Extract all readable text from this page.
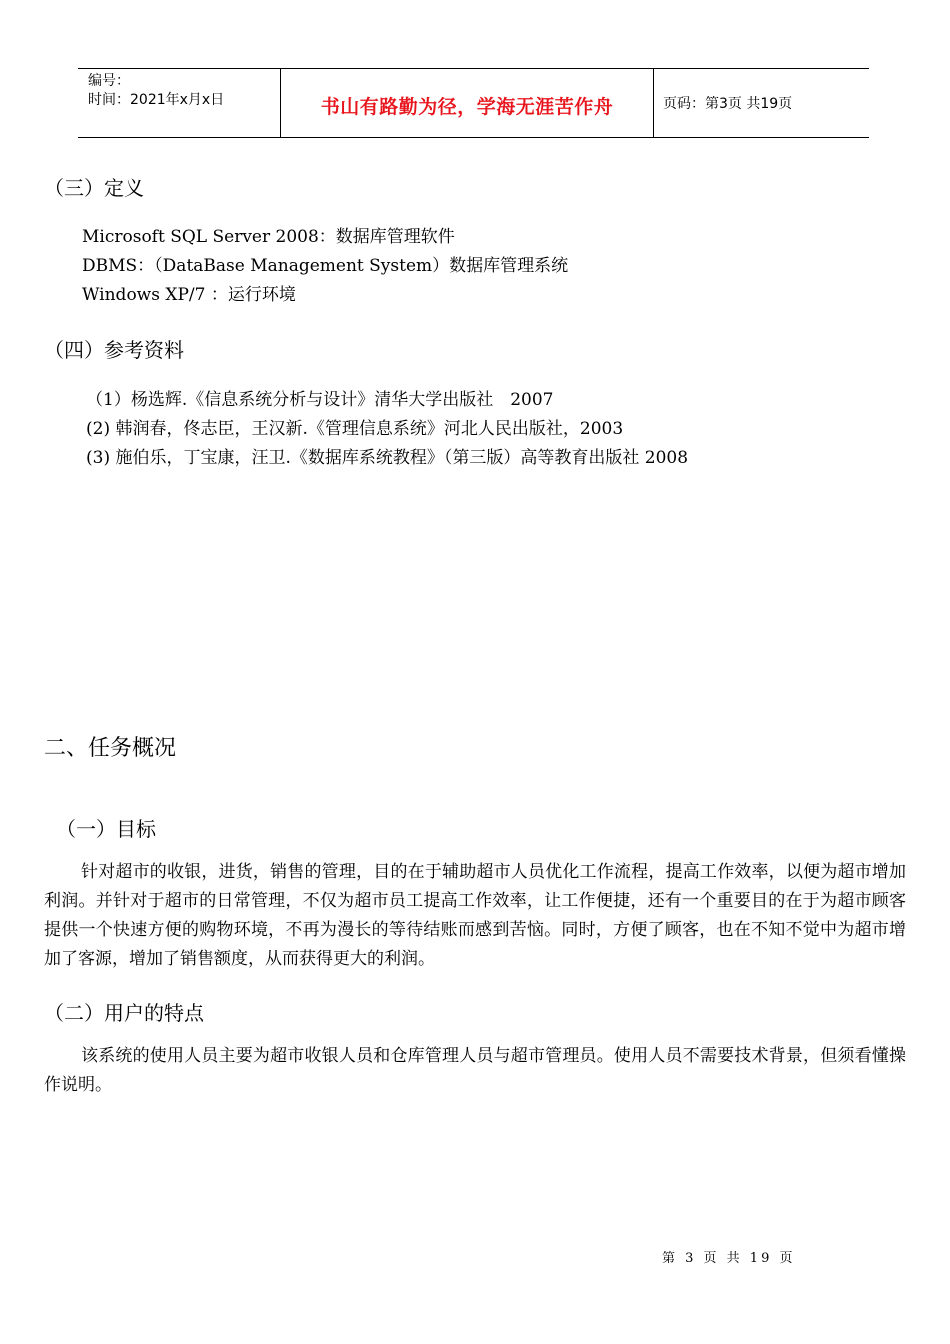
编号：
时间：2021年x月x日	书山有路勤为径，学海无涯苦作舟	页码：第3页 共19页
（三）定义
Microsoft SQL Server 2008：数据库管理软件
DBMS：（DataBase Management System）数据库管理系统
Windows XP/7 ：运行环境
（四）参考资料
（1）杨选辉.《信息系统分析与设计》清华大学出版社　2007
(2) 韩润春，佟志臣，王汉新.《管理信息系统》河北人民出版社，2003
(3) 施伯乐，丁宝康，汪卫.《数据库系统教程》（第三版）高等教育出版社 2008
二、任务概况
（一）目标
针对超市的收银，进货，销售的管理，目的在于辅助超市人员优化工作流程，提高工作效率，以便为超市增加利润。并针对于超市的日常管理，不仅为超市员工提高工作效率，让工作便捷，还有一个重要目的在于为超市顾客提供一个快速方便的购物环境，不再为漫长的等待结账而感到苦恼。同时，方便了顾客，也在不知不觉中为超市增加了客源，增加了销售额度，从而获得更大的利润。
（二）用户的特点
该系统的使用人员主要为超市收银人员和仓库管理人员与超市管理员。使用人员不需要技术背景，但须看懂操作说明。
第 3 页 共 19 页
